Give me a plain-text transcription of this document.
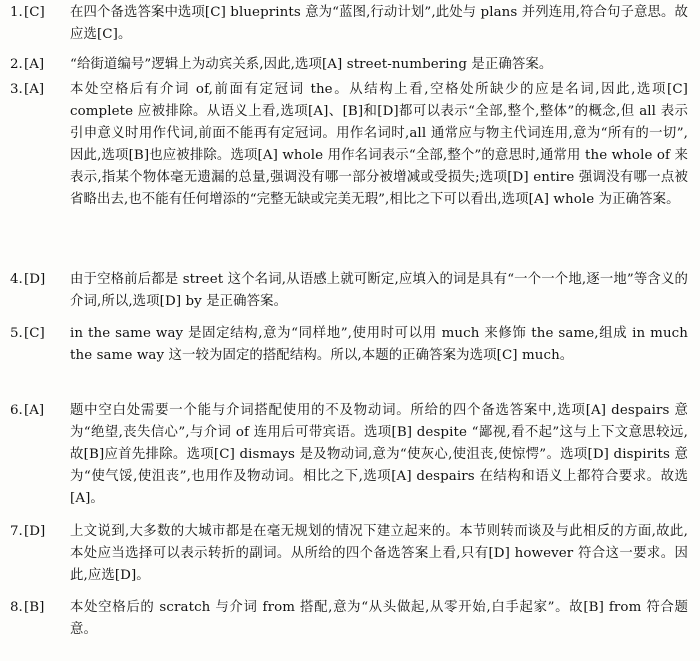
1. [C] 在四个备选答案中选项[C] blueprints 意为“蓝图,行动计划”,此处与 plans 并列连用,符合句子意思。故应选[C]。

2. [A] “给街道编号”逻辑上为动宾关系,因此,选项[A] street-numbering 是正确答案。

3. [A] 本处空格后有介词 of,前面有定冠词 the。从结构上看,空格处所缺少的应是名词,因此,选项[C] complete 应被排除。从语义上看,选项[A]、[B]和[D]都可以表示“全部,整个,整体”的概念,但 all 表示引申意义时用作代词,前面不能再有定冠词。用作名词时,all 通常应与物主代词连用,意为“所有的一切”,因此,选项[B]也应被排除。选项[A] whole 用作名词表示“全部,整个”的意思时,通常用 the whole of 来表示,指某个物体毫无遗漏的总量,强调没有哪一部分被增减或受损失;选项[D] entire 强调没有哪一点被省略出去,也不能有任何增添的“完整无缺或完美无瑕”,相比之下可以看出,选项[A] whole 为正确答案。

4. [D] 由于空格前后都是 street 这个名词,从语感上就可断定,应填入的词是具有“一个一个地,逐一地”等含义的介词,所以,选项[D] by 是正确答案。

5. [C] in the same way 是固定结构,意为“同样地”,使用时可以用 much 来修饰 the same,组成 in much the same way 这一较为固定的搭配结构。所以,本题的正确答案为选项[C] much。

6. [A] 题中空白处需要一个能与介词搭配使用的不及物动词。所给的四个备选答案中,选项[A] despairs 意为“绝望,丧失信心”,与介词 of 连用后可带宾语。选项[B] despite “鄙视,看不起”这与上下文意思较远,故[B]应首先排除。选项[C] dismays 是及物动词,意为“使灰心,使沮丧,使惊愕”。选项[D] dispirits 意为“使气馁,使沮丧”,也用作及物动词。相比之下,选项[A] despairs 在结构和语义上都符合要求。故选[A]。

7. [D] 上文说到,大多数的大城市都是在毫无规划的情况下建立起来的。本节则转而谈及与此相反的方面,故此,本处应当选择可以表示转折的副词。从所给的四个备选答案上看,只有[D] however 符合这一要求。因此,应选[D]。

8. [B] 本处空格后的 scratch 与介词 from 搭配,意为“从头做起,从零开始,白手起家”。故[B] from 符合题意。
